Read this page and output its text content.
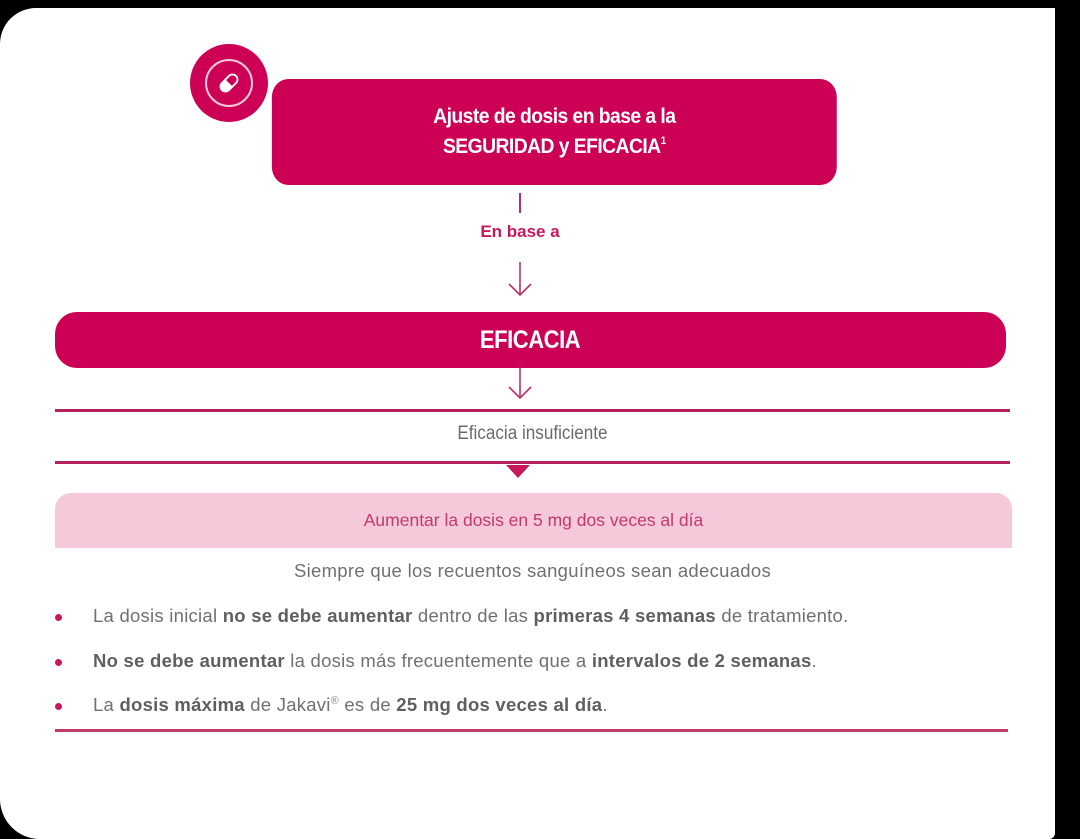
Ajuste de dosis en base a la
SEGURIDAD y EFICACIA$^1$
En base a
EFICACIA
Eficacia insuficiente
Aumentar la dosis en 5 mg dos veces al día
Siempre que los recuentos sanguíneos sean adecuados
La dosis inicial no se debe aumentar dentro de las primeras 4 semanas de tratamiento.
No se debe aumentar la dosis más frecuentemente que a intervalos de 2 semanas.
La dosis máxima de Jakavi® es de 25 mg dos veces al día.
